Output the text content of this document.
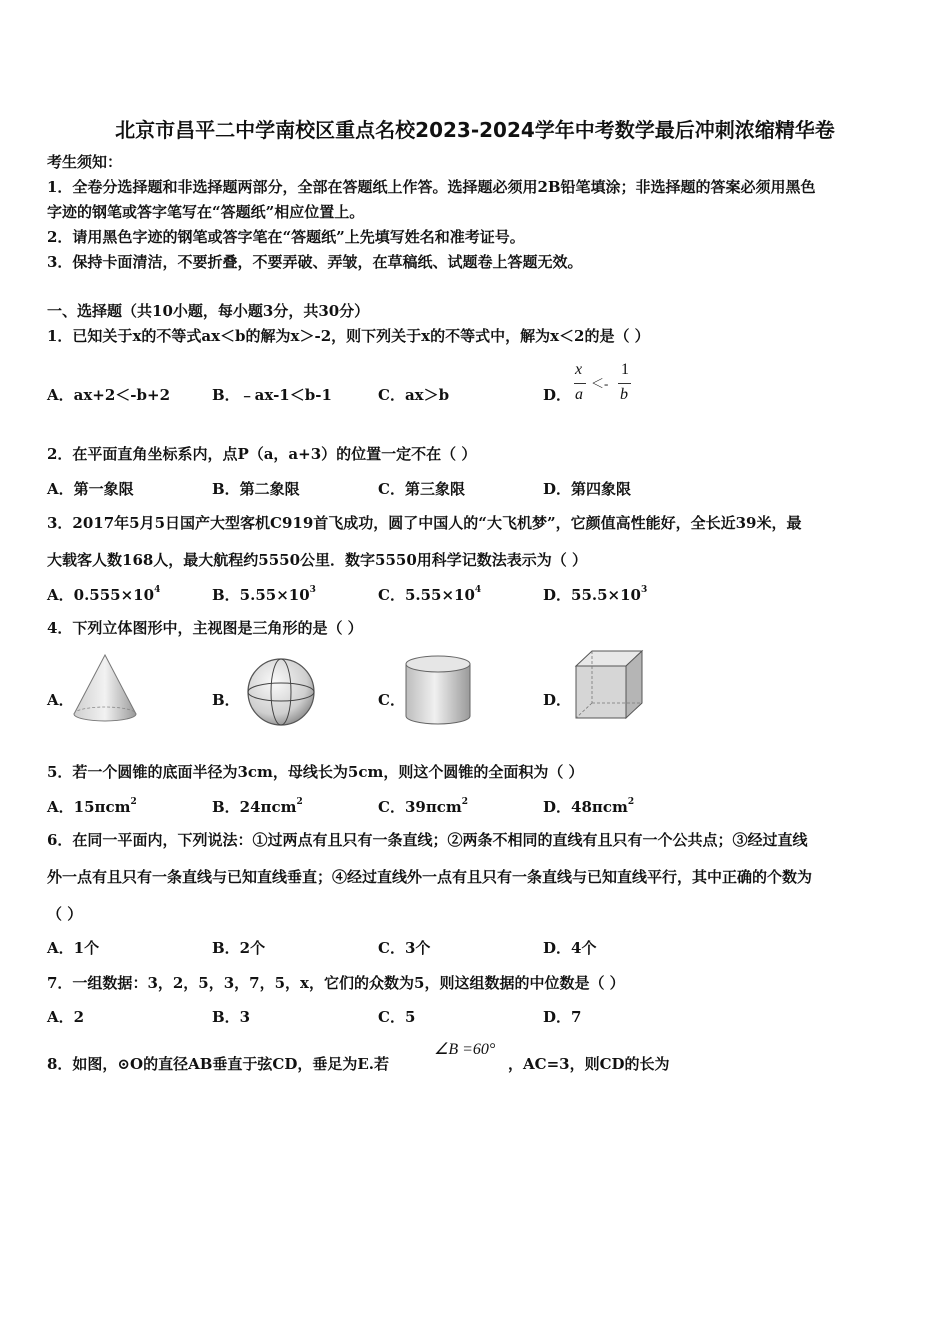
北京市昌平二中学南校区重点名校2023-2024学年中考数学最后冲刺浓缩精华卷
考生须知：
1．全卷分选择题和非选择题两部分，全部在答题纸上作答。选择题必须用2B铅笔填涂；非选择题的答案必须用黑色
字迹的钢笔或答字笔写在“答题纸”相应位置上。
2．请用黑色字迹的钢笔或答字笔在“答题纸”上先填写姓名和准考证号。
3．保持卡面清洁，不要折叠，不要弄破、弄皱，在草稿纸、试题卷上答题无效。
一、选择题（共10小题，每小题3分，共30分）
1．已知关于x的不等式ax＜b的解为x＞-2，则下列关于x的不等式中，解为x＜2的是（ ）
A．ax+2＜-b+2	B．﹣ax-1＜b-1	C．ax＞b	D．
x
a
＜-
1
b
2．在平面直角坐标系内，点P（a，a+3）的位置一定不在（ ）
A．第一象限	B．第二象限	C．第三象限	D．第四象限
3．2017年5月5日国产大型客机C919首飞成功，圆了中国人的“大飞机梦”，它颜值高性能好，全长近39米，最
大载客人数168人，最大航程约5550公里．数字5550用科学记数法表示为（ ）
A．$0.555\times 10^4$	B．$5.55\times 10^3$	C．$5.55\times 10^4$	D．$55.5\times 10^3$
4．下列立体图形中，主视图是三角形的是（ ）
A．	B．	C．	D．
5．若一个圆锥的底面半径为3cm，母线长为5cm，则这个圆锥的全面积为（ ）
A．15πcm$^2$	B．24πcm$^2$	C．39πcm$^2$	D．48πcm$^2$
6．在同一平面内，下列说法：①过两点有且只有一条直线；②两条不相同的直线有且只有一个公共点；③经过直线
外一点有且只有一条直线与已知直线垂直；④经过直线外一点有且只有一条直线与已知直线平行，其中正确的个数为
（ ）
A．1个	B．2个	C．3个	D．4个
7．一组数据：3，2，5，3，7，5，x，它们的众数为5，则这组数据的中位数是（ ）
A．2	B．3	C．5	D．7
8．如图，⊙O的直径AB垂直于弦CD，垂足为E.若
∠B =60°
，AC=3，则CD的长为
